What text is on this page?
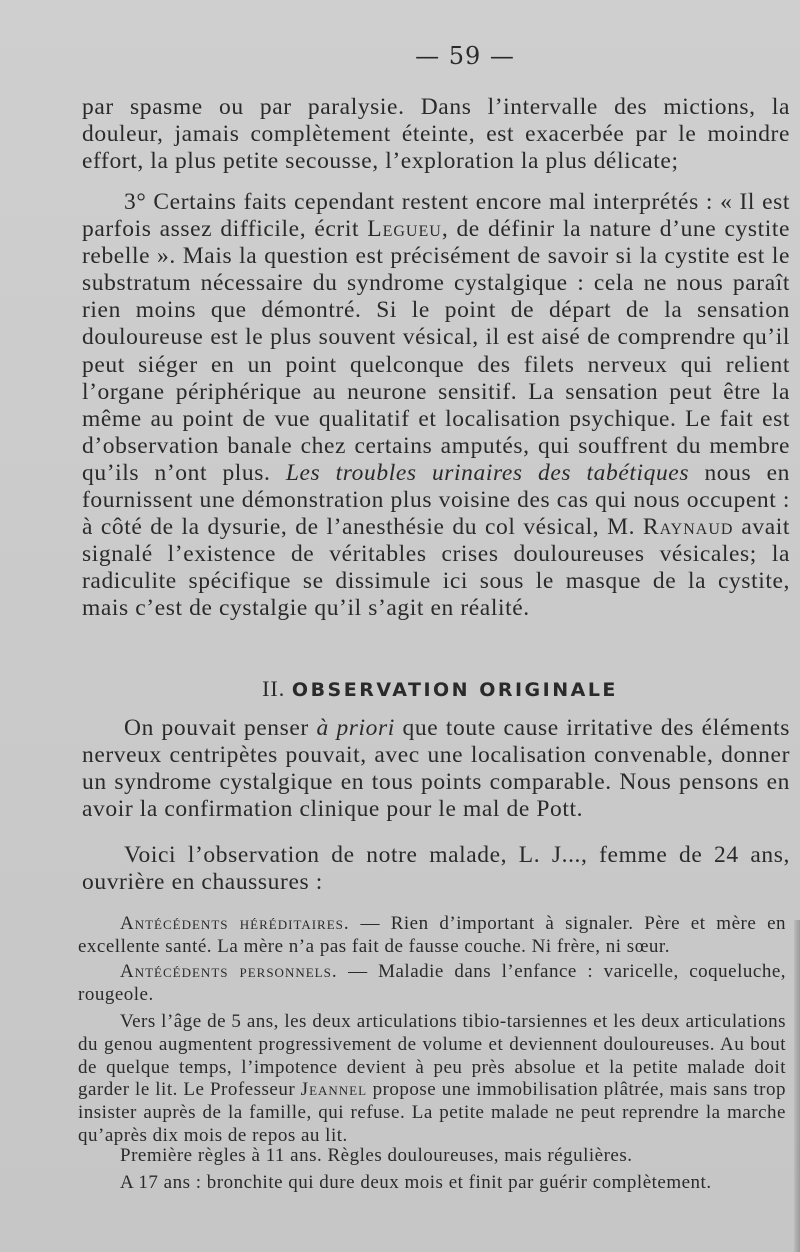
— 59 —

par spasme ou par paralysie. Dans l’intervalle des mictions, la douleur, jamais complètement éteinte, est exacerbée par le moindre effort, la plus petite secousse, l’exploration la plus délicate;

3° Certains faits cependant restent encore mal interprétés : « Il est parfois assez difficile, écrit Legueu, de définir la nature d’une cystite rebelle ». Mais la question est précisément de savoir si la cystite est le substratum nécessaire du syndrome cystalgique : cela ne nous paraît rien moins que démontré. Si le point de départ de la sensation douloureuse est le plus souvent vésical, il est aisé de comprendre qu’il peut siéger en un point quelconque des filets nerveux qui relient l’organe périphérique au neurone sensitif. La sensation peut être la même au point de vue qualitatif et localisation psychique. Le fait est d’observation banale chez certains amputés, qui souffrent du membre qu’ils n’ont plus. Les troubles urinaires des tabétiques nous en fournissent une démonstration plus voisine des cas qui nous occupent : à côté de la dysurie, de l’anesthésie du col vésical, M. Raynaud avait signalé l’existence de véritables crises douloureuses vésicales; la radiculite spécifique se dissimule ici sous le masque de la cystite, mais c’est de cystalgie qu’il s’agit en réalité.

II. OBSERVATION ORIGINALE

On pouvait penser à priori que toute cause irritative des éléments nerveux centripètes pouvait, avec une localisation convenable, donner un syndrome cystalgique en tous points comparable. Nous pensons en avoir la confirmation clinique pour le mal de Pott.

Voici l’observation de notre malade, L. J..., femme de 24 ans, ouvrière en chaussures :

Antécédents héréditaires. — Rien d’important à signaler. Père et mère en excellente santé. La mère n’a pas fait de fausse couche. Ni frère, ni sœur.

Antécédents personnels. — Maladie dans l’enfance : varicelle, coqueluche, rougeole.

Vers l’âge de 5 ans, les deux articulations tibio-tarsiennes et les deux articulations du genou augmentent progressivement de volume et deviennent douloureuses. Au bout de quelque temps, l’impotence devient à peu près absolue et la petite malade doit garder le lit. Le Professeur Jeannel propose une immobilisation plâtrée, mais sans trop insister auprès de la famille, qui refuse. La petite malade ne peut reprendre la marche qu’après dix mois de repos au lit.

Première règles à 11 ans. Règles douloureuses, mais régulières.

A 17 ans : bronchite qui dure deux mois et finit par guérir complètement.
